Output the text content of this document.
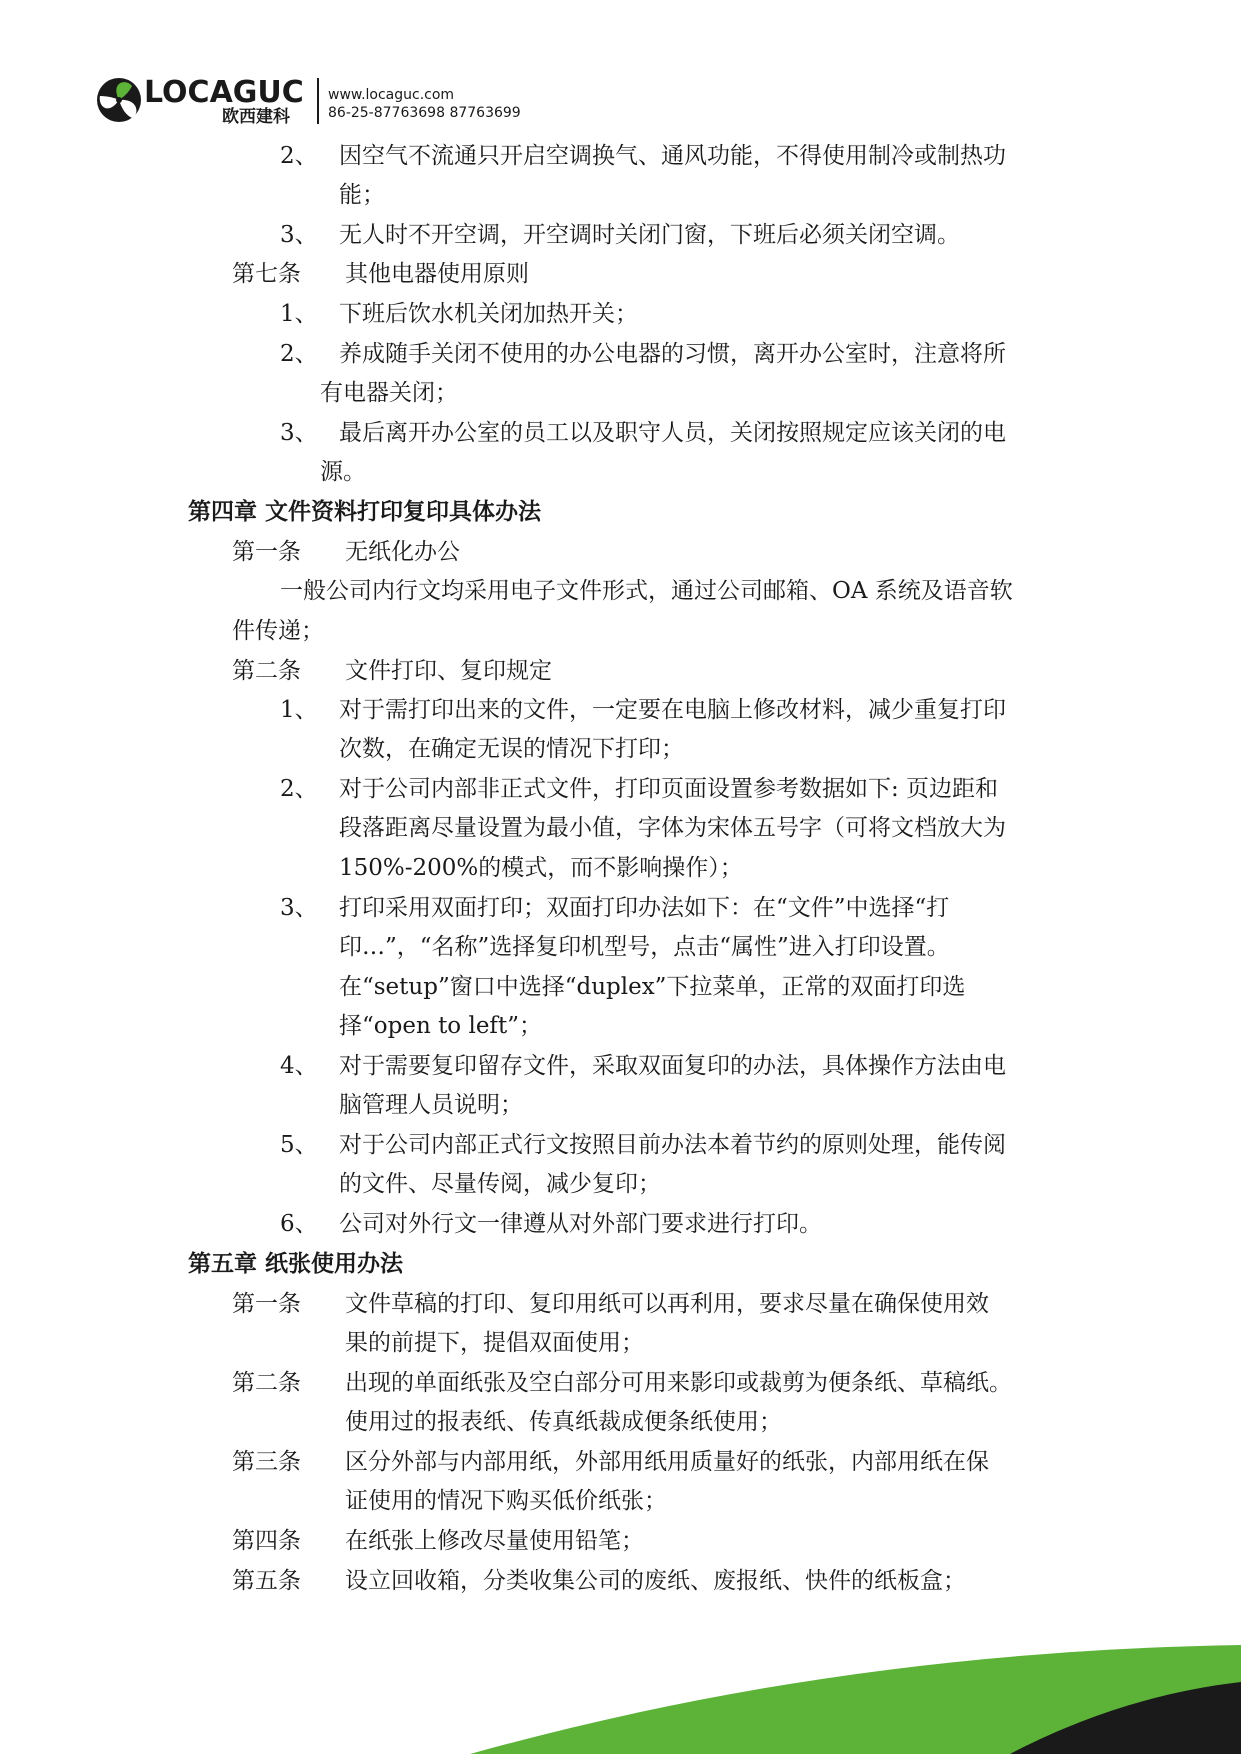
LOCAGUC
欧西建科
www.locaguc.com
86-25-87763698 87763699
2、 因空气不流通只开启空调换气、通风功能，不得使用制冷或制热功
能；
3、 无人时不开空调，开空调时关闭门窗，下班后必须关闭空调。
第七条 其他电器使用原则
1、 下班后饮水机关闭加热开关；
2、 养成随手关闭不使用的办公电器的习惯，离开办公室时，注意将所
有电器关闭；
3、 最后离开办公室的员工以及职守人员，关闭按照规定应该关闭的电
源。
第四章 文件资料打印复印具体办法
第一条 无纸化办公
一般公司内行文均采用电子文件形式，通过公司邮箱、OA 系统及语音软
件传递；
第二条 文件打印、复印规定
1、 对于需打印出来的文件，一定要在电脑上修改材料，减少重复打印
次数，在确定无误的情况下打印；
2、 对于公司内部非正式文件，打印页面设置参考数据如下: 页边距和
段落距离尽量设置为最小值，字体为宋体五号字（可将文档放大为
150%-200%的模式，而不影响操作）；
3、 打印采用双面打印；双面打印办法如下：在“文件”中选择“打
印…”，“名称”选择复印机型号，点击“属性”进入打印设置。
在“setup”窗口中选择“duplex”下拉菜单，正常的双面打印选
择“open to left”；
4、 对于需要复印留存文件，采取双面复印的办法，具体操作方法由电
脑管理人员说明；
5、 对于公司内部正式行文按照目前办法本着节约的原则处理，能传阅
的文件、尽量传阅，减少复印；
6、 公司对外行文一律遵从对外部门要求进行打印。
第五章 纸张使用办法
第一条 文件草稿的打印、复印用纸可以再利用，要求尽量在确保使用效
果的前提下，提倡双面使用；
第二条 出现的单面纸张及空白部分可用来影印或裁剪为便条纸、草稿纸。
使用过的报表纸、传真纸裁成便条纸使用；
第三条 区分外部与内部用纸，外部用纸用质量好的纸张，内部用纸在保
证使用的情况下购买低价纸张；
第四条 在纸张上修改尽量使用铅笔；
第五条 设立回收箱，分类收集公司的废纸、废报纸、快件的纸板盒；
